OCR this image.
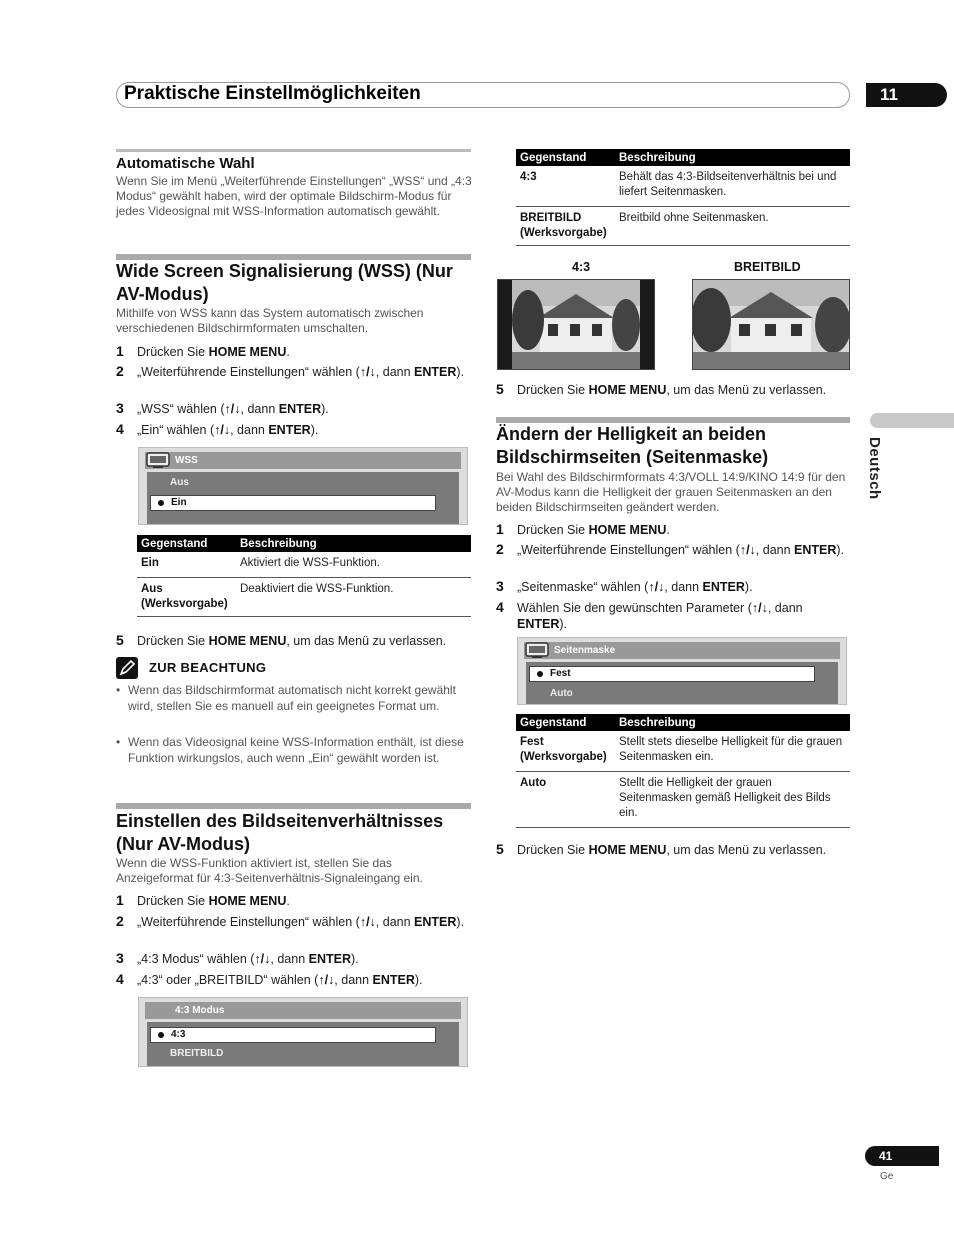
Praktische Einstellmöglichkeiten	11
Deutsch
Automatische Wahl
Wenn Sie im Menü „Weiterführende Einstellungen“ „WSS“ und „4:3 Modus“ gewählt haben, wird der optimale Bildschirm-Modus für jedes Videosignal mit WSS-Information automatisch gewählt.
Wide Screen Signalisierung (WSS) (Nur AV-Modus)
Mithilfe von WSS kann das System automatisch zwischen verschiedenen Bildschirmformaten umschalten.
1 Drücken Sie HOME MENU.
2 „Weiterführende Einstellungen“ wählen (↑/↓, dann ENTER).
3 „WSS“ wählen (↑/↓, dann ENTER).
4 „Ein“ wählen (↑/↓, dann ENTER).
WSS
Aus
Ein
Gegenstand	Beschreibung
Ein	Aktiviert die WSS-Funktion.
Aus (Werksvorgabe)	Deaktiviert die WSS-Funktion.
5 Drücken Sie HOME MENU, um das Menü zu verlassen.
ZUR BEACHTUNG
• Wenn das Bildschirmformat automatisch nicht korrekt gewählt wird, stellen Sie es manuell auf ein geeignetes Format um.
• Wenn das Videosignal keine WSS-Information enthält, ist diese Funktion wirkungslos, auch wenn „Ein“ gewählt worden ist.
Einstellen des Bildseitenverhältnisses (Nur AV-Modus)
Wenn die WSS-Funktion aktiviert ist, stellen Sie das Anzeigeformat für 4:3-Seitenverhältnis-Signaleingang ein.
1 Drücken Sie HOME MENU.
2 „Weiterführende Einstellungen“ wählen (↑/↓, dann ENTER).
3 „4:3 Modus“ wählen (↑/↓, dann ENTER).
4 „4:3“ oder „BREITBILD“ wählen (↑/↓, dann ENTER).
4:3 Modus
4:3
BREITBILD
Gegenstand	Beschreibung
4:3	Behält das 4:3-Bildseitenverhältnis bei und liefert Seitenmasken.
BREITBILD (Werksvorgabe)	Breitbild ohne Seitenmasken.
4:3	BREITBILD
5 Drücken Sie HOME MENU, um das Menü zu verlassen.
Ändern der Helligkeit an beiden Bildschirmseiten (Seitenmaske)
Bei Wahl des Bildschirmformats 4:3/VOLL 14:9/KINO 14:9 für den AV-Modus kann die Helligkeit der grauen Seitenmasken an den beiden Bildschirmseiten geändert werden.
1 Drücken Sie HOME MENU.
2 „Weiterführende Einstellungen“ wählen (↑/↓, dann ENTER).
3 „Seitenmaske“ wählen (↑/↓, dann ENTER).
4 Wählen Sie den gewünschten Parameter (↑/↓, dann ENTER).
Seitenmaske
Fest
Auto
Gegenstand	Beschreibung
Fest (Werksvorgabe)	Stellt stets dieselbe Helligkeit für die grauen Seitenmasken ein.
Auto	Stellt die Helligkeit der grauen Seitenmasken gemäß Helligkeit des Bilds ein.
5 Drücken Sie HOME MENU, um das Menü zu verlassen.
41
Ge
